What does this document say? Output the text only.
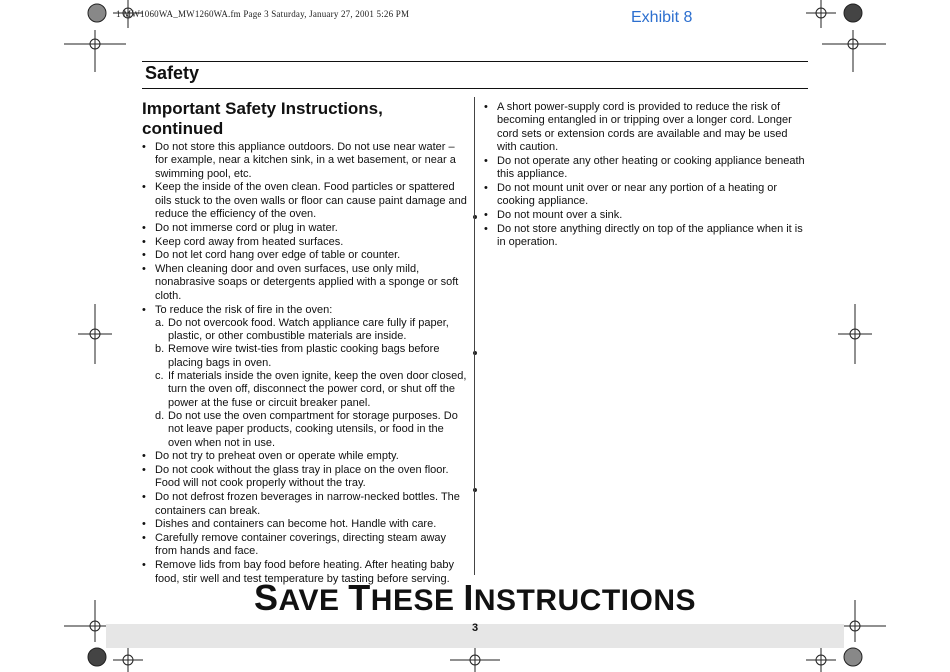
1 MW1060WA_MW1260WA.fm Page 3 Saturday, January 27, 2001 5:26 PM	Exhibit 8
Safety
Important Safety Instructions, continued
• Do not store this appliance outdoors. Do not use near water – for example, near a kitchen sink, in a wet basement, or near a swimming pool, etc.
• Keep the inside of the oven clean. Food particles or spattered oils stuck to the oven walls or floor can cause paint damage and reduce the efficiency of the oven.
• Do not immerse cord or plug in water.
• Keep cord away from heated surfaces.
• Do not let cord hang over edge of table or counter.
• When cleaning door and oven surfaces, use only mild, nonabrasive soaps or detergents applied with a sponge or soft cloth.
• To reduce the risk of fire in the oven:
a. Do not overcook food. Watch appliance care fully if paper, plastic, or other combustible materials are inside.
b. Remove wire twist-ties from plastic cooking bags before placing bags in oven.
c. If materials inside the oven ignite, keep the oven door closed, turn the oven off, disconnect the power cord, or shut off the power at the fuse or circuit breaker panel.
d. Do not use the oven compartment for storage purposes. Do not leave paper products, cooking utensils, or food in the oven when not in use.
• Do not try to preheat oven or operate while empty.
• Do not cook without the glass tray in place on the oven floor. Food will not cook properly without the tray.
• Do not defrost frozen beverages in narrow-necked bottles. The containers can break.
• Dishes and containers can become hot. Handle with care.
• Carefully remove container coverings, directing steam away from hands and face.
• Remove lids from bay food before heating. After heating baby food, stir well and test temperature by tasting before serving.
• A short power-supply cord is provided to reduce the risk of becoming entangled in or tripping over a longer cord. Longer cord sets or extension cords are available and may be used with caution.
• Do not operate any other heating or cooking appliance beneath this appliance.
• Do not mount unit over or near any portion of a heating or cooking appliance.
• Do not mount over a sink.
• Do not store anything directly on top of the appliance when it is in operation.
SAVE THESE INSTRUCTIONS
3
